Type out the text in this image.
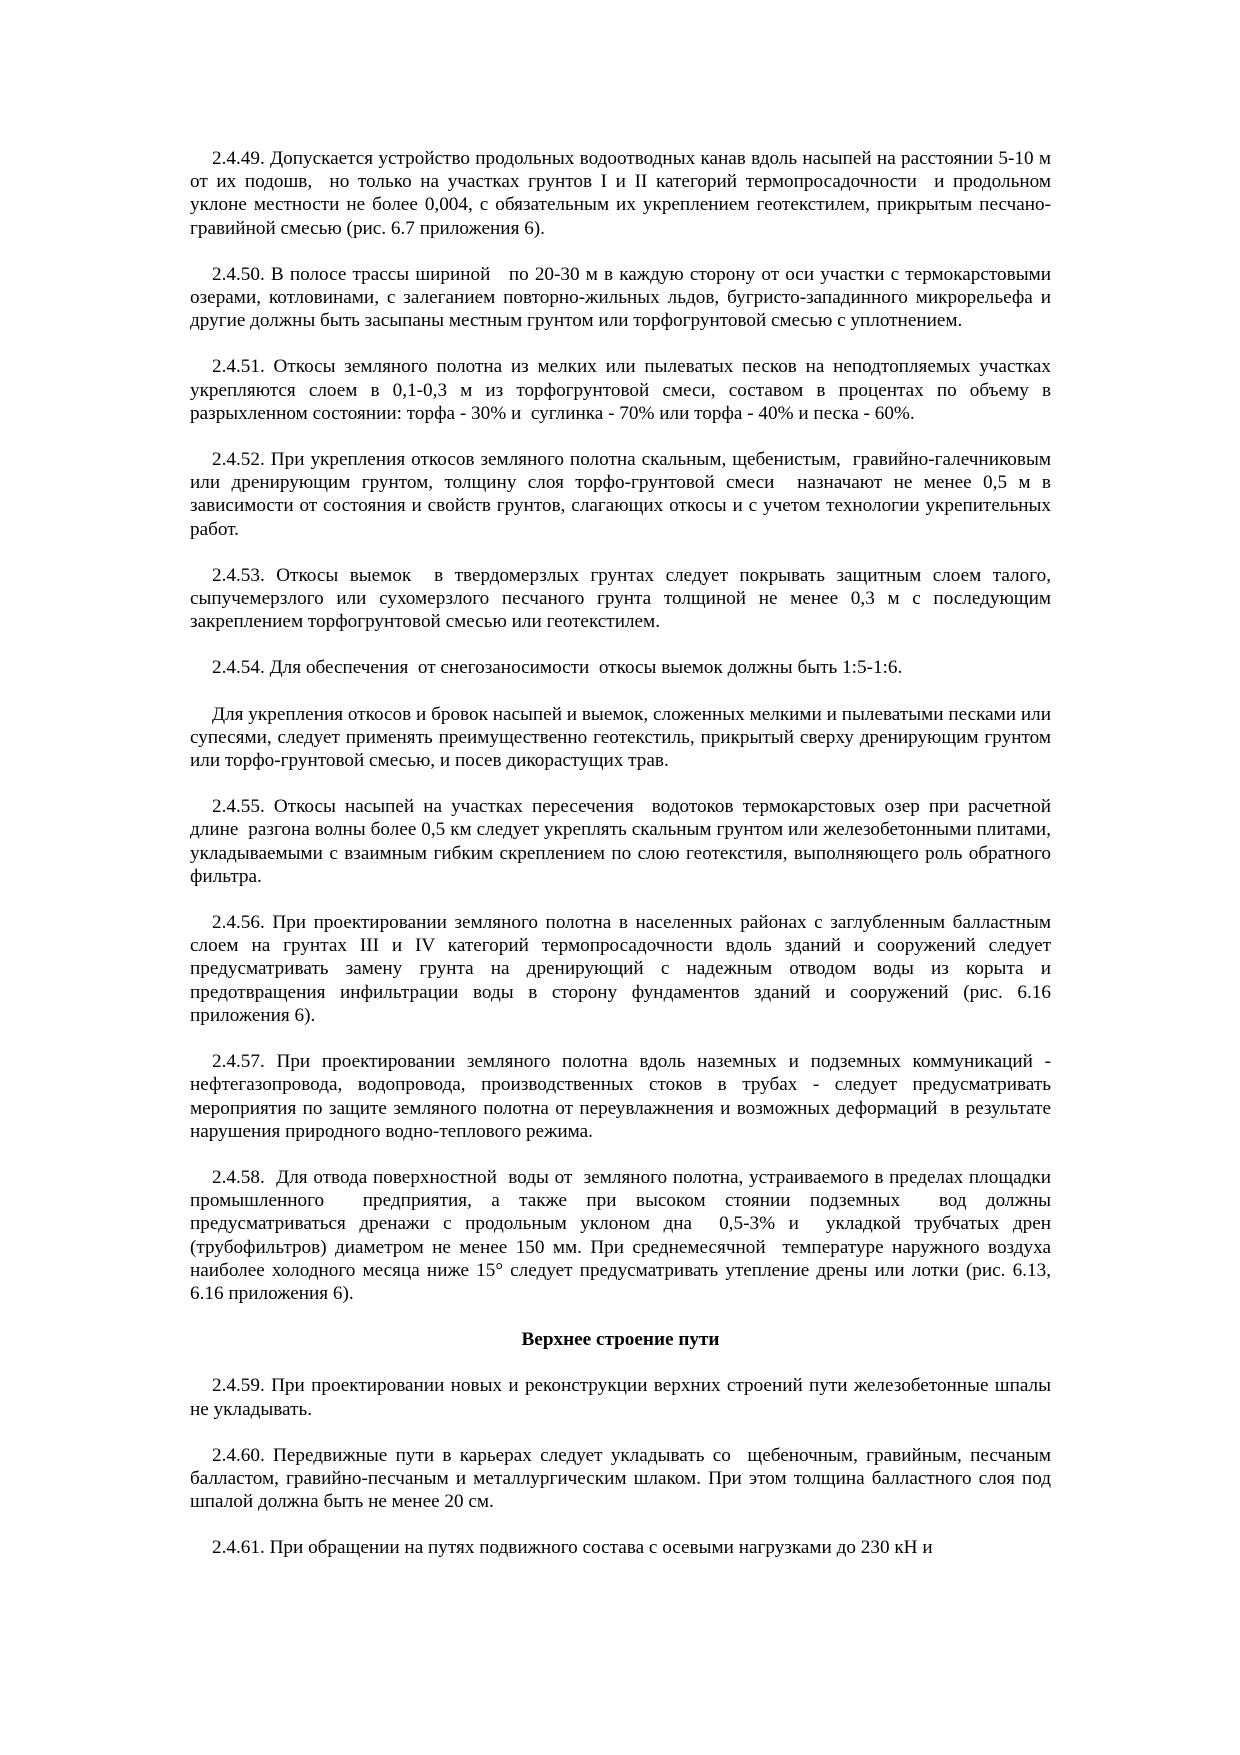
2.4.49. Допускается устройство продольных водоотводных канав вдоль насыпей на расстоянии 5-10 м от их подошв,  но только на участках грунтов I и II категорий термопросадочности  и продольном уклоне местности не более 0,004, с обязательным их укреплением геотекстилем, прикрытым песчано-гравийной смесью (рис. 6.7 приложения 6).

2.4.50. В полосе трассы шириной   по 20-30 м в каждую сторону от оси участки с термокарстовыми озерами, котловинами, с залеганием повторно-жильных льдов, бугристо-западинного микрорельефа и другие должны быть засыпаны местным грунтом или торфогрунтовой смесью с уплотнением.

2.4.51. Откосы земляного полотна из мелких или пылеватых песков на неподтопляемых участках укрепляются слоем в 0,1-0,3 м из торфогрунтовой смеси, составом в процентах по объему в разрыхленном состоянии: торфа - 30% и  суглинка - 70% или торфа - 40% и песка - 60%.

2.4.52. При укрепления откосов земляного полотна скальным, щебенистым,  гравийно-галечниковым или дренирующим грунтом, толщину слоя торфо-грунтовой смеси  назначают не менее 0,5 м в зависимости от состояния и свойств грунтов, слагающих откосы и с учетом технологии укрепительных  работ.

2.4.53. Откосы выемок  в твердомерзлых грунтах следует покрывать защитным слоем талого, сыпучемерзлого или сухомерзлого песчаного грунта толщиной не менее 0,3 м с последующим закреплением торфогрунтовой смесью или геотекстилем.

2.4.54. Для обеспечения  от снегозаносимости  откосы выемок должны быть 1:5-1:6.

Для укрепления откосов и бровок насыпей и выемок, сложенных мелкими и пылеватыми песками или супесями, следует применять преимущественно геотекстиль, прикрытый сверху дренирующим грунтом или торфо-грунтовой смесью, и посев дикорастущих трав.

2.4.55. Откосы насыпей на участках пересечения  водотоков термокарстовых озер при расчетной длине  разгона волны более 0,5 км следует укреплять скальным грунтом или железобетонными плитами, укладываемыми с взаимным гибким скреплением по слою геотекстиля, выполняющего роль обратного фильтра.

2.4.56. При проектировании земляного полотна в населенных районах с заглубленным балластным слоем на грунтах III и IV категорий термопросадочности вдоль зданий и сооружений следует  предусматривать замену грунта на дренирующий с надежным отводом воды из корыта и предотвращения инфильтрации воды в сторону фундаментов зданий и сооружений (рис. 6.16 приложения 6).

2.4.57. При проектировании земляного полотна вдоль наземных и подземных коммуникаций - нефтегазопровода, водопровода, производственных стоков в трубах - следует предусматривать мероприятия по защите земляного полотна от переувлажнения и возможных деформаций  в результате нарушения природного водно-теплового режима.

2.4.58.  Для отвода поверхностной  воды от  земляного полотна, устраиваемого в пределах площадки промышленного  предприятия, а также при высоком стоянии подземных  вод должны предусматриваться дренажи с продольным уклоном дна  0,5-3% и  укладкой трубчатых дрен (трубофильтров) диаметром не менее 150 мм. При среднемесячной  температуре наружного воздуха наиболее холодного месяца ниже 15° следует предусматривать утепление дрены или лотки (рис. 6.13, 6.16 приложения 6).

Верхнее строение пути

2.4.59. При проектировании новых и реконструкции верхних строений пути железобетонные шпалы не укладывать.

2.4.60. Передвижные пути в карьерах следует укладывать со  щебеночным, гравийным, песчаным балластом, гравийно-песчаным и металлургическим шлаком. При этом толщина балластного слоя под шпалой должна быть не менее 20 см.

2.4.61. При обращении на путях подвижного состава с осевыми нагрузками до 230 кН и
